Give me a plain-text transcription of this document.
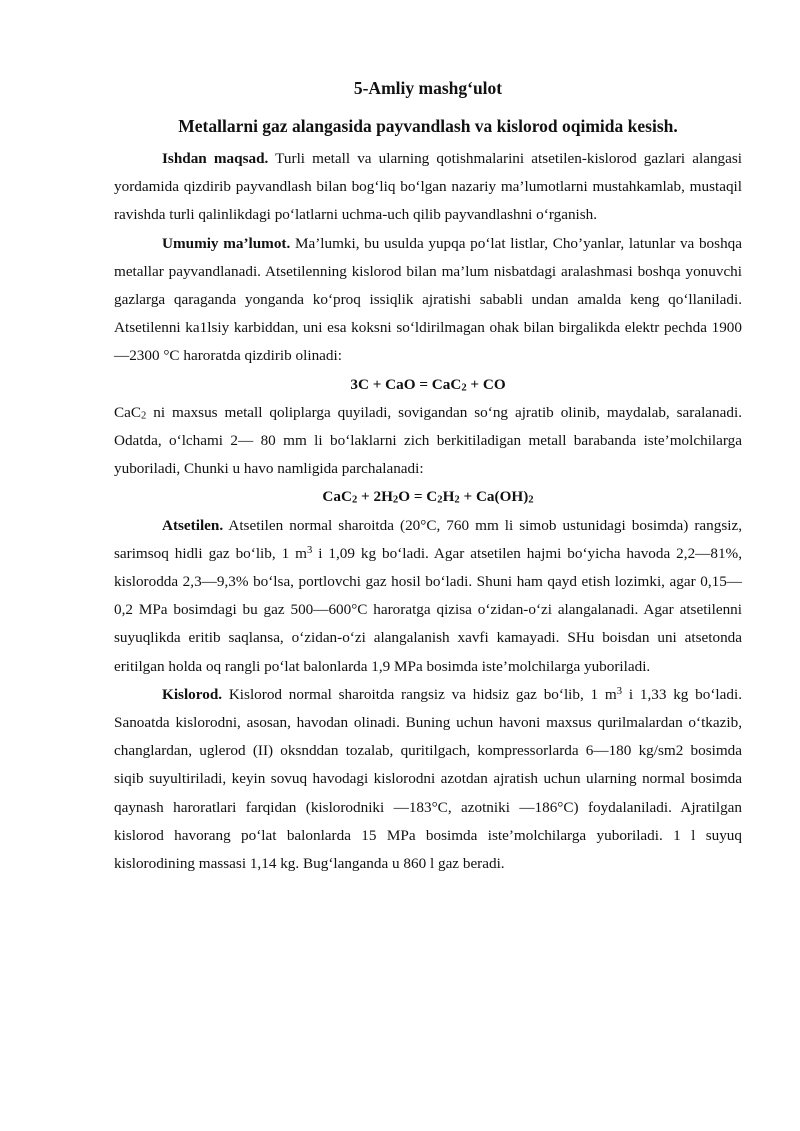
5-Amliy mashg‘ulot
Metallarni gaz alangasida payvandlash va kislorod oqimida kesish.

Ishdan maqsad. Turli metall va ularning qotishmalarini atsetilen-kislorod gazlari alangasi yordamida qizdirib payvandlash bilan bog‘liq bo‘lgan nazariy ma’lumotlarni mustahkamlab, mustaqil ravishda turli qalinlikdagi po‘latlarni uchma-uch qilib payvandlashni o‘rganish.

Umumiy ma’lumot. Ma’lumki, bu usulda yupqa po‘lat listlar, Cho’yanlar, latunlar va boshqa metallar payvandlanadi. Atsetilenning kislorod bilan ma’lum nisbatdagi aralashmasi boshqa yonuvchi gazlarga qaraganda yonganda ko‘proq issiqlik ajratishi sababli undan amalda keng qo‘llaniladi. Atsetilenni ka1lsiy karbiddan, uni esa koksni so‘ldirilmagan ohak bilan birgalikda elektr pechda 1900—2300 °C haroratda qizdirib olinadi:

3C + CaO = CaC$_2$ + CO

CaC$_2$ ni maxsus metall qoliplarga quyiladi, sovigandan so‘ng ajratib olinib, maydalab, saralanadi. Odatda, o‘lchami 2— 80 mm li bo‘laklarni zich berkitiladigan metall barabanda iste’molchilarga yuboriladi, Chunki u havo namligida parchalanadi:

$CaC_2 + 2H_2O = C_2H_2 + Ca(OH)_2$

Atsetilen. Atsetilen normal sharoitda (20°C, 760 mm li simob ustunidagi bosimda) rangsiz, sarimsoq hidli gaz bo‘lib, 1 $m^3$ i 1,09 kg bo‘ladi. Agar atsetilen hajmi bo‘yicha havoda 2,2—81%, kislorodda 2,3—9,3% bo‘lsa, portlovchi gaz hosil bo‘ladi. Shuni ham qayd etish lozimki, agar 0,15—0,2 MPa bosimdagi bu gaz 500—600°C haroratga qizisa o‘zidan-o‘zi alangalanadi. Agar atsetilenni suyuqlikda eritib saqlansa, o‘zidan-o‘zi alangalanish xavfi kamayadi. SHu boisdan uni atsetonda eritilgan holda oq rangli po‘lat balonlarda 1,9 MPa bosimda iste’molchilarga yuboriladi.

Kislorod. Kislorod normal sharoitda rangsiz va hidsiz gaz bo‘lib, 1 $m^3$ i 1,33 kg bo‘ladi. Sanoatda kislorodni, asosan, havodan olinadi. Buning uchun havoni maxsus qurilmalardan o‘tkazib, changlardan, uglerod (II) oksnddan tozalab, quritilgach, kompressorlarda 6—180 kg/sm2 bosimda siqib suyultiriladi, keyin sovuq havodagi kislorodni azotdan ajratish uchun ularning normal bosimda qaynash haroratlari farqidan (kislorodniki —183°C, azotniki —186°C) foydalaniladi. Ajratilgan kislorod havorang po‘lat balonlarda 15 MPa bosimda iste’molchilarga yuboriladi. 1 l suyuq kislorodining massasi 1,14 kg. Bug‘langanda u 860 l gaz beradi.
